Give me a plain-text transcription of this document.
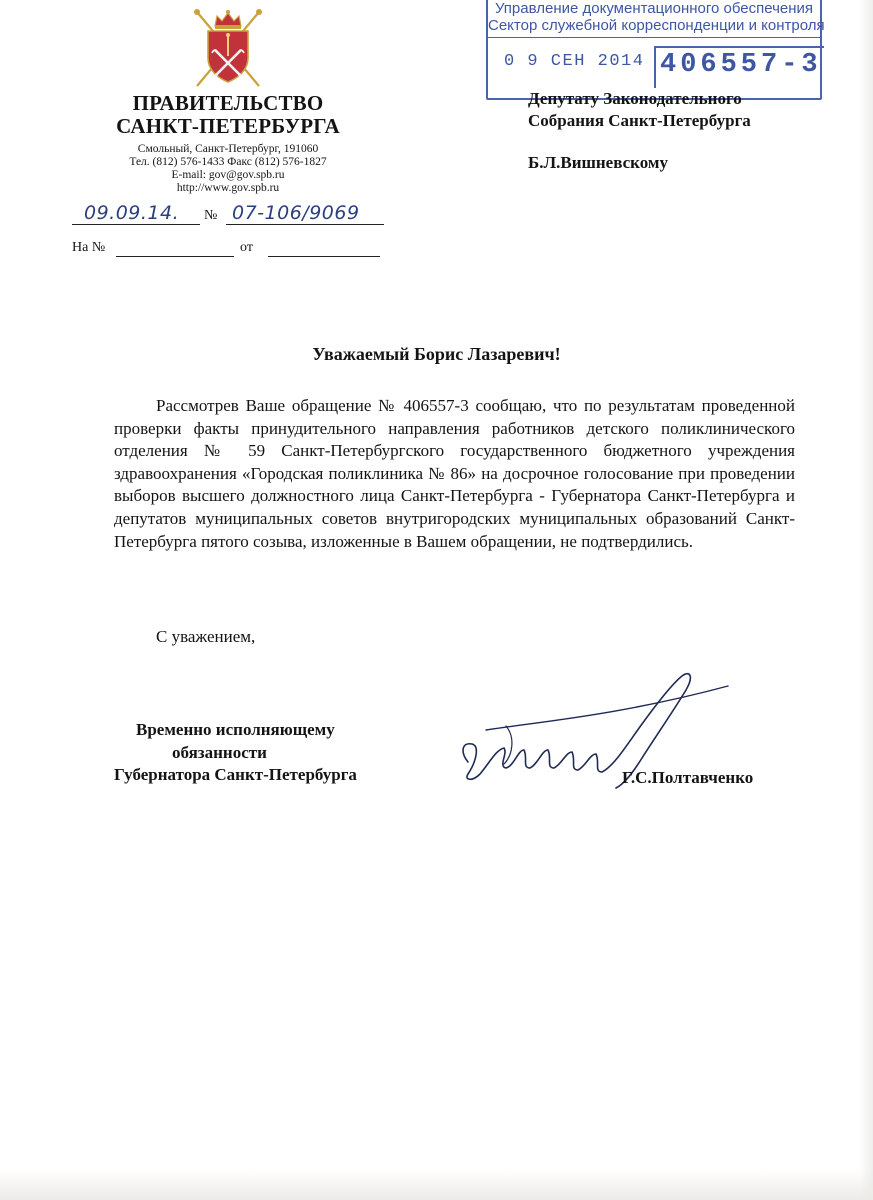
ПРАВИТЕЛЬСТВО
САНКТ-ПЕТЕРБУРГА
Смольный, Санкт-Петербург, 191060
Тел. (812) 576-1433 Факс (812) 576-1827
E-mail: gov@gov.spb.ru
http://www.gov.spb.ru
09.09.14. № 07-106/9069
На №	от
Управление документационного обеспечения
Сектор служебной корреспонденции и контроля
0 9 СЕН 2014 406557-3
Депутату Законодательного
Собрания Санкт-Петербурга
Б.Л.Вишневскому
Уважаемый Борис Лазаревич!
Рассмотрев Ваше обращение № 406557-3 сообщаю, что по результатам проведенной проверки факты принудительного направления работников детского поликлинического отделения № 59 Санкт-Петербургского государственного бюджетного учреждения здравоохранения «Городская поликлиника № 86» на досрочное голосование при проведении выборов высшего должностного лица Санкт-Петербурга - Губернатора Санкт-Петербурга и депутатов муниципальных советов внутригородских муниципальных образований Санкт-Петербурга пятого созыва, изложенные в Вашем обращении, не подтвердились.
С уважением,
Временно исполняющему
обязанности
Губернатора Санкт-Петербурга	Г.С.Полтавченко
